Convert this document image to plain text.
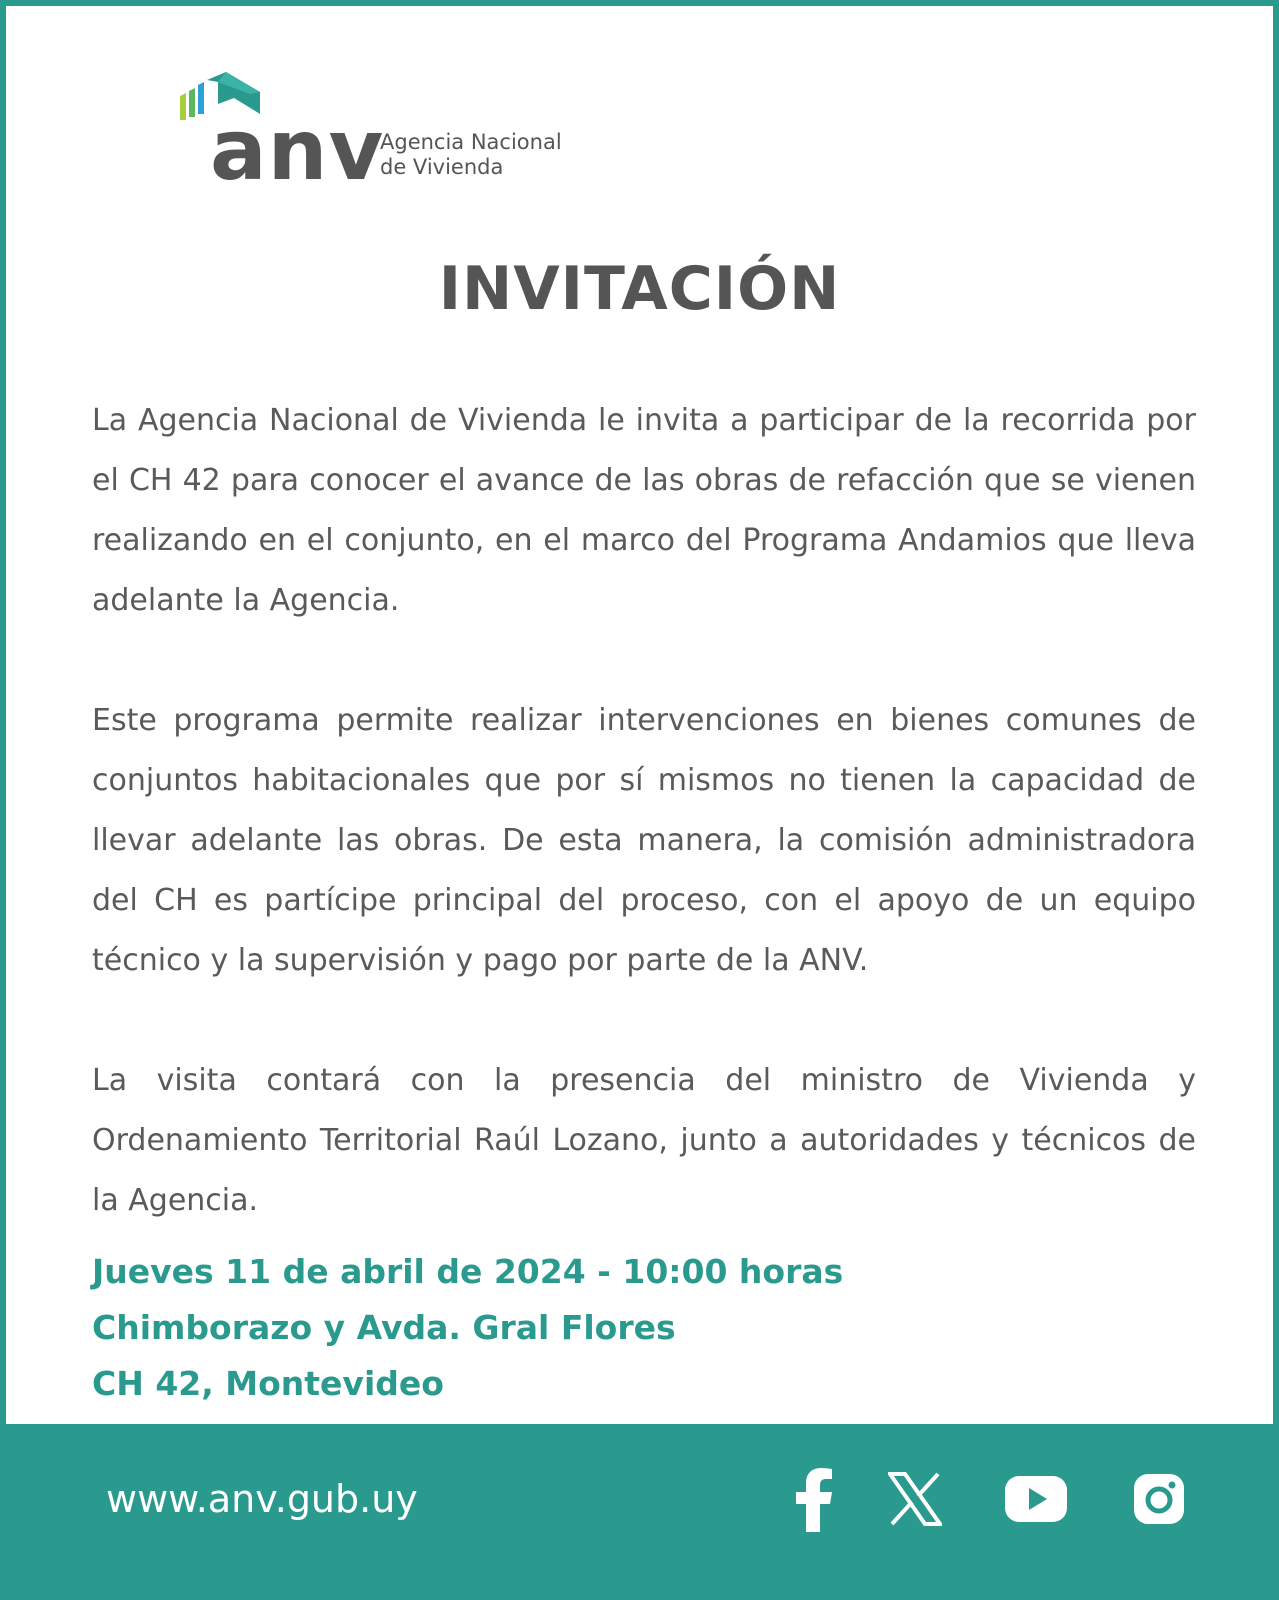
anv
Agencia Nacional
de Vivienda
INVITACIÓN

La Agencia Nacional de Vivienda le invita a participar de la recorrida por el CH 42 para conocer el avance de las obras de refacción que se vienen realizando en el conjunto, en el marco del Programa Andamios que lleva adelante la Agencia.

Este programa permite realizar intervenciones en bienes comunes de conjuntos habitacionales que por sí mismos no tienen la capacidad de llevar adelante las obras. De esta manera, la comisión administradora del CH es partícipe principal del proceso, con el apoyo de un equipo técnico y la supervisión y pago por parte de la ANV.

La visita contará con la presencia del ministro de Vivienda y Ordenamiento Territorial Raúl Lozano, junto a autoridades y técnicos de la Agencia.

Jueves 11 de abril de 2024 - 10:00 horas
Chimborazo y Avda. Gral Flores
CH 42, Montevideo
www.anv.gub.uy
